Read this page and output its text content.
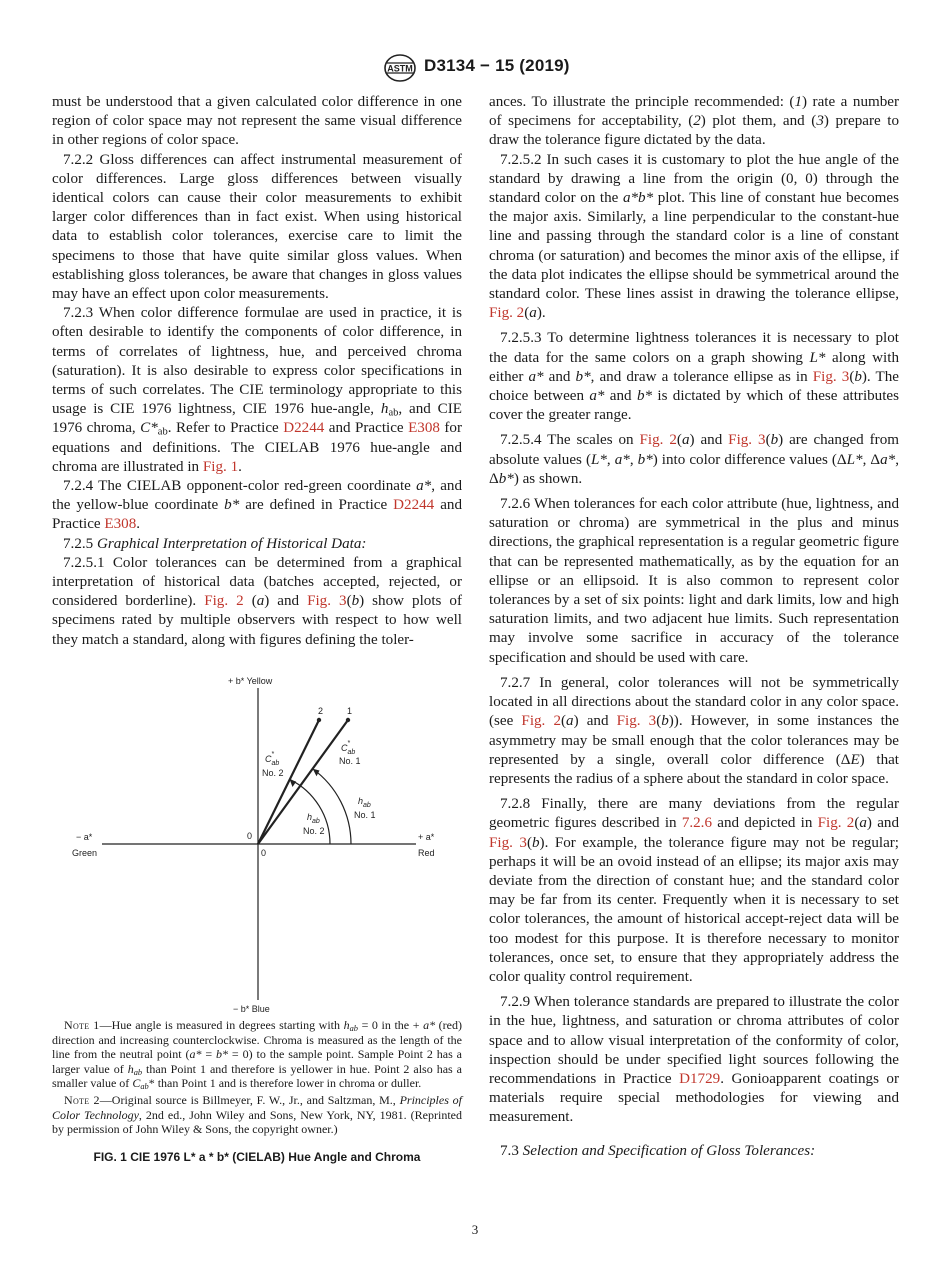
ASTM D3134 − 15 (2019)

must be understood that a given calculated color difference in one region of color space may not represent the same visual difference in other regions of color space.

7.2.2 Gloss differences can affect instrumental measurement of color differences. Large gloss differences between visually identical colors can cause their color measurements to exhibit larger color differences than in fact exist. When using historical data to establish color tolerances, exercise care to limit the specimens to those that have quite similar gloss values. When establishing gloss tolerances, be aware that changes in gloss values may have an effect upon color measurements.

7.2.3 When color difference formulae are used in practice, it is often desirable to identify the components of color difference, in terms of correlates of lightness, hue, and perceived chroma (saturation). It is also desirable to express color specifications in terms of such correlates. The CIE terminology appropriate to this usage is CIE 1976 lightness, CIE 1976 hue-angle, $h_{ab}$, and CIE 1976 chroma, $C*_{ab}$. Refer to Practice D2244 and Practice E308 for equations and definitions. The CIELAB 1976 hue-angle and chroma are illustrated in Fig. 1.

7.2.4 The CIELAB opponent-color red-green coordinate a*, and the yellow-blue coordinate b* are defined in Practice D2244 and Practice E308.

7.2.5 Graphical Interpretation of Historical Data:

7.2.5.1 Color tolerances can be determined from a graphical interpretation of historical data (batches accepted, rejected, or considered borderline). Fig. 2 (a) and Fig. 3(b) show plots of specimens rated by multiple observers with respect to how well they match a standard, along with figures defining the toler-

+ b* Yellow
− b* Blue
− a*
Green
+ a*
Red
0
0
2	1
$C_{ab}*$
No. 2
$C_{ab}*$
No. 1
$h_{ab}$
No. 1
$h_{ab}$
No. 2

Note 1—Hue angle is measured in degrees starting with $h_{ab} = 0$ in the + a* (red) direction and increasing counterclockwise. Chroma is measured as the length of the line from the neutral point (a* = b* = 0) to the sample point. Sample Point 2 has a larger value of $h_{ab}$ than Point 1 and therefore is yellower in hue. Point 2 also has a smaller value of $C_{ab}*$ than Point 1 and is therefore lower in chroma or duller.

Note 2—Original source is Billmeyer, F. W., Jr., and Saltzman, M., Principles of Color Technology, 2nd ed., John Wiley and Sons, New York, NY, 1981. (Reprinted by permission of John Wiley & Sons, the copyright owner.)

FIG. 1 CIE 1976 L* a * b* (CIELAB) Hue Angle and Chroma

ances. To illustrate the principle recommended: (1) rate a number of specimens for acceptability, (2) plot them, and (3) prepare to draw the tolerance figure dictated by the data.

7.2.5.2 In such cases it is customary to plot the hue angle of the standard by drawing a line from the origin (0, 0) through the standard color on the a*b* plot. This line of constant hue becomes the major axis. Similarly, a line perpendicular to the constant-hue line and passing through the standard color is a line of constant chroma (or saturation) and becomes the minor axis of the ellipse, if the data plot indicates the ellipse should be symmetrical around the standard color. These lines assist in drawing the tolerance ellipse, Fig. 2(a).

7.2.5.3 To determine lightness tolerances it is necessary to plot the data for the same colors on a graph showing L* along with either a* and b*, and draw a tolerance ellipse as in Fig. 3(b). The choice between a* and b* is dictated by which of these attributes cover the greater range.

7.2.5.4 The scales on Fig. 2(a) and Fig. 3(b) are changed from absolute values (L*, a*, b*) into color difference values (ΔL*, Δa*, Δb*) as shown.

7.2.6 When tolerances for each color attribute (hue, lightness, and saturation or chroma) are symmetrical in the plus and minus directions, the graphical representation is a regular geometric figure that can be represented mathematically, as by the equation for an ellipse or an ellipsoid. It is also common to represent color tolerances by a set of six points: light and dark limits, low and high saturation limits, and two adjacent hue limits. Such representation may involve some sacrifice in accuracy of the tolerance specification and should be used with care.

7.2.7 In general, color tolerances will not be symmetrically located in all directions about the standard color in any color space. (see Fig. 2(a) and Fig. 3(b)). However, in some instances the asymmetry may be small enough that the color tolerances may be represented by a single, overall color difference (ΔE) that represents the radius of a sphere about the standard in color space.

7.2.8 Finally, there are many deviations from the regular geometric figures described in 7.2.6 and depicted in Fig. 2(a) and Fig. 3(b). For example, the tolerance figure may not be regular; perhaps it will be an ovoid instead of an ellipse; its major axis may deviate from the direction of constant hue; and the standard color may be far from its center. Frequently when it is necessary to set color tolerances, the amount of historical accept-reject data will be too modest for this purpose. It is therefore necessary to monitor tolerances, once set, to ensure that they appropriately address the color quality control requirement.

7.2.9 When tolerance standards are prepared to illustrate the color in the hue, lightness, and saturation or chroma attributes of color space and to allow visual interpretation of the conformity of color, inspection should be under specified light sources following the recommendations in Practice D1729. Gonioapparent coatings or materials require special methodologies for viewing and measurement.

7.3 Selection and Specification of Gloss Tolerances:

3
